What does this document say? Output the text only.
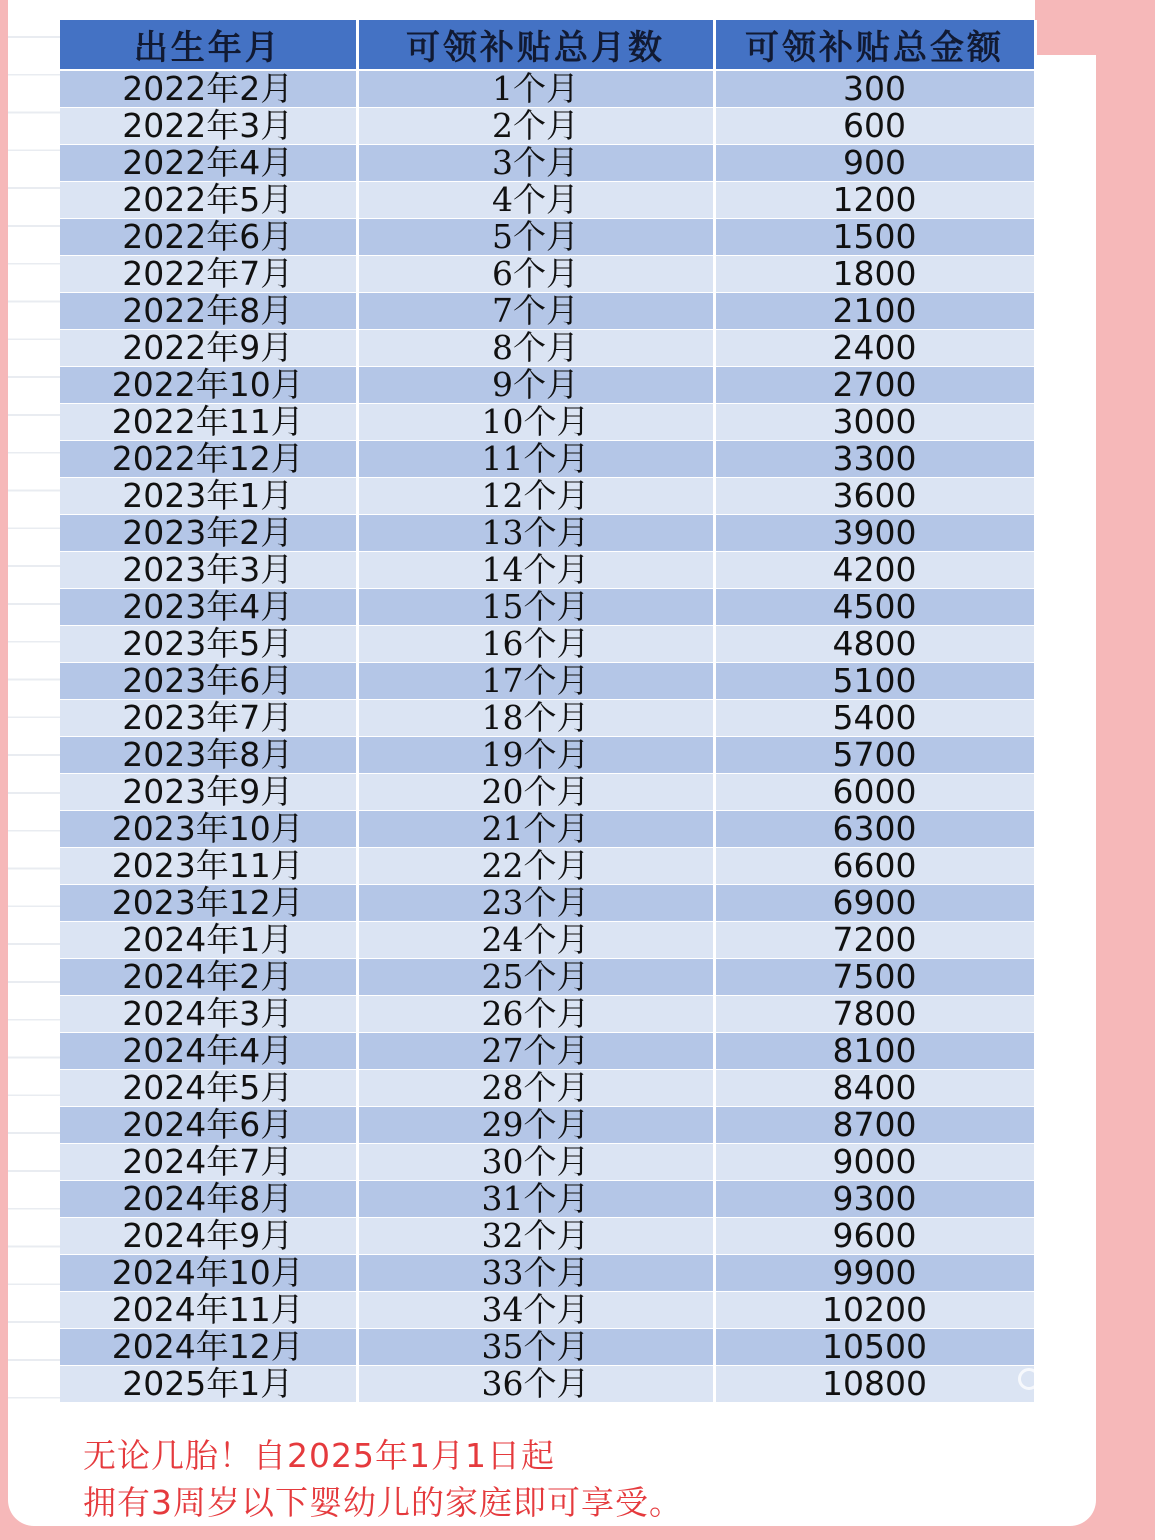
出生年月	可领补贴总月数	可领补贴总金额
2022年2月	1个月	300
2022年3月	2个月	600
2022年4月	3个月	900
2022年5月	4个月	1200
2022年6月	5个月	1500
2022年7月	6个月	1800
2022年8月	7个月	2100
2022年9月	8个月	2400
2022年10月	9个月	2700
2022年11月	10个月	3000
2022年12月	11个月	3300
2023年1月	12个月	3600
2023年2月	13个月	3900
2023年3月	14个月	4200
2023年4月	15个月	4500
2023年5月	16个月	4800
2023年6月	17个月	5100
2023年7月	18个月	5400
2023年8月	19个月	5700
2023年9月	20个月	6000
2023年10月	21个月	6300
2023年11月	22个月	6600
2023年12月	23个月	6900
2024年1月	24个月	7200
2024年2月	25个月	7500
2024年3月	26个月	7800
2024年4月	27个月	8100
2024年5月	28个月	8400
2024年6月	29个月	8700
2024年7月	30个月	9000
2024年8月	31个月	9300
2024年9月	32个月	9600
2024年10月	33个月	9900
2024年11月	34个月	10200
2024年12月	35个月	10500
2025年1月	36个月	10800
无论几胎！自2025年1月1日起
拥有3周岁以下婴幼儿的家庭即可享受。
